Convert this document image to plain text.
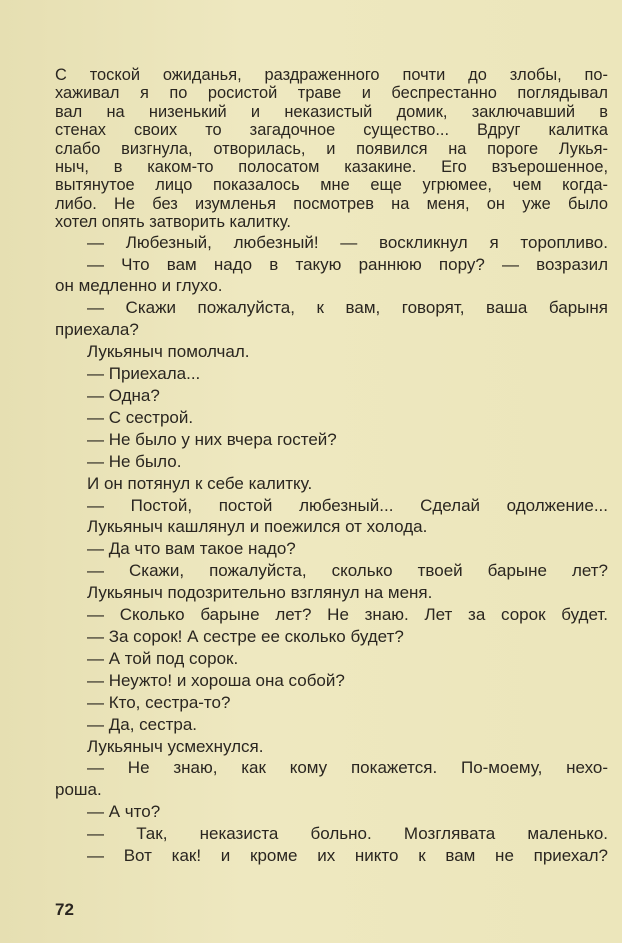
С тоской ожиданья, раздраженного почти до злобы, по-
хаживал я по росистой траве и беспрестанно поглядывал
вал на низенький и неказистый домик, заключавший в
стенах своих то загадочное существо... Вдруг калитка
слабо визгнула, отворилась, и появился на пороге Лукья-
ныч, в каком-то полосатом казакине. Его взъерошенное,
вытянутое лицо показалось мне еще угрюмее, чем когда-
либо. Не без изумленья посмотрев на меня, он уже было
хотел опять затворить калитку.
— Любезный, любезный! — воскликнул я торопливо.
— Что вам надо в такую раннюю пору? — возразил
он медленно и глухо.
— Скажи пожалуйста, к вам, говорят, ваша барыня
приехала?
Лукьяныч помолчал.
— Приехала...
— Одна?
— С сестрой.
— Не было у них вчера гостей?
— Не было.
И он потянул к себе калитку.
— Постой, постой любезный... Сделай одолжение...
Лукьяныч кашлянул и поежился от холода.
— Да что вам такое надо?
— Скажи, пожалуйста, сколько твоей барыне лет?
Лукьяныч подозрительно взглянул на меня.
— Сколько барыне лет? Не знаю. Лет за сорок будет.
— За сорок! А сестре ее сколько будет?
— А той под сорок.
— Неужто! и хороша она собой?
— Кто, сестра-то?
— Да, сестра.
Лукьяныч усмехнулся.
— Не знаю, как кому покажется. По-моему, нехо-
роша.
— А что?
— Так, неказиста больно. Мозглявата маленько.
— Вот как! и кроме их никто к вам не приехал?
72
